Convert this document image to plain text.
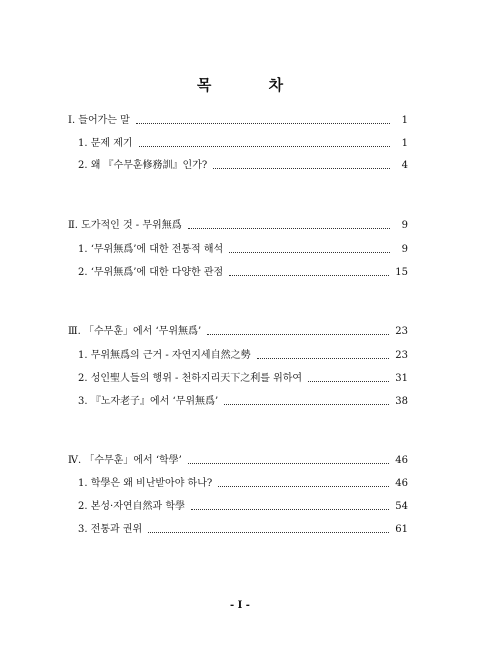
목 차
Ⅰ. 들어가는 말	1
1. 문제 제기	1
2. 왜 『수무훈修務訓』인가?	4
Ⅱ. 도가적인 것 - 무위無爲	9
1. ‘무위無爲’에 대한 전통적 해석	9
2. ‘무위無爲’에 대한 다양한 관점	15
Ⅲ. 「수무훈」에서 ‘무위無爲’	23
1. 무위無爲의 근거 - 자연지세自然之勢	23
2. 성인聖人들의 행위 - 천하지리天下之利를 위하여	31
3. 『노자老子』에서 ‘무위無爲’	38
Ⅳ. 「수무훈」에서 ‘학學’	46
1. 학學은 왜 비난받아야 하나?	46
2. 본성·자연自然과 학學	54
3. 전통과 권위	61
- I -
